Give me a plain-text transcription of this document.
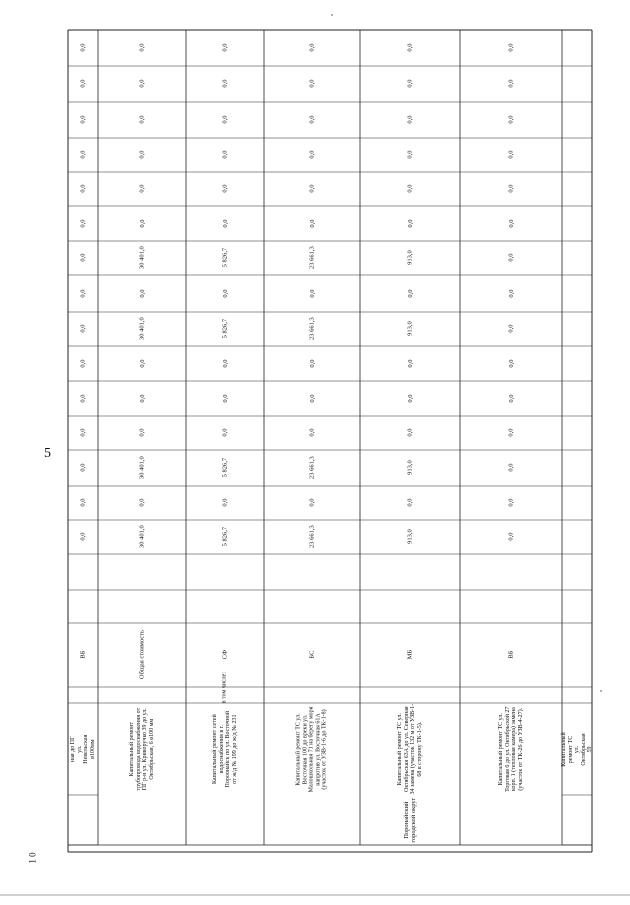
5
0,0
0,0
0,0
0,0
0,0
0,0
0,0
0,0
0,0
0,0
0,0
0,0
0,0
0,0
0,0
ВБ
ная до ПГ ул. Невельская ø100мм
30 401,0
0,0
30 401,0
0,0
0,0
0,0
30 401,0
0,0
30 401,0
0,0
0,0
0,0
0,0
0,0
0,0
Общая стоимость
Капитальный ремонт трубопровода водоснабжения от ПГ р-н ул. Криворучко 39 до ул. Октябрьская, 6 ø100 мм
5 826,7
0,0
5 826,7
0,0
0,0
0,0
5 826,7
0,0
5 826,7
0,0
0,0
0,0
0,0
0,0
0,0
СФ
в том числе:
Капитальный ремонт сетей водоснабжения в г. Пороонайск по ул. Восточной от ж/д № 199 до ж/д № 231
23 661,3
0,0
23 661,3
0,0
0,0
0,0
23 661,3
0,0
23 661,3
0,0
0,0
0,0
0,0
0,0
0,0
БС
Капитальный ремонт ТС ул. Восточная 100 до вреки ул. Малошкольная 71 на берегу моря напротив ул. Восточная 61А (участок от УЗВ-1-6 до ТК-1-8)
913,0
0,0
913,0
0,0
0,0
0,0
913,0
0,0
913,0
0,0
0,0
0,0
0,0
0,0
0,0
МБ
Капитальный ремонт ТС ул. Октябрьская 63А до ул. Северная 34 замена (участок 132 м от УЗВ-1-68 в сторону ТК-1-5).
0,0
0,0
0,0
0,0
0,0
0,0
0,0
0,0
0,0
0,0
0,0
0,0
0,0
0,0
0,0
ВБ
Капитальный ремонт ТС ул. Торговая 6 до ул. Октябрьской 27 корп. 1 (тепловая камера) замена (участок от ТК-26 до УЗВ-4-27).	Капитальный ремонт ТС ул. Октябрьская 59
Поронайский городской округ
1 0
